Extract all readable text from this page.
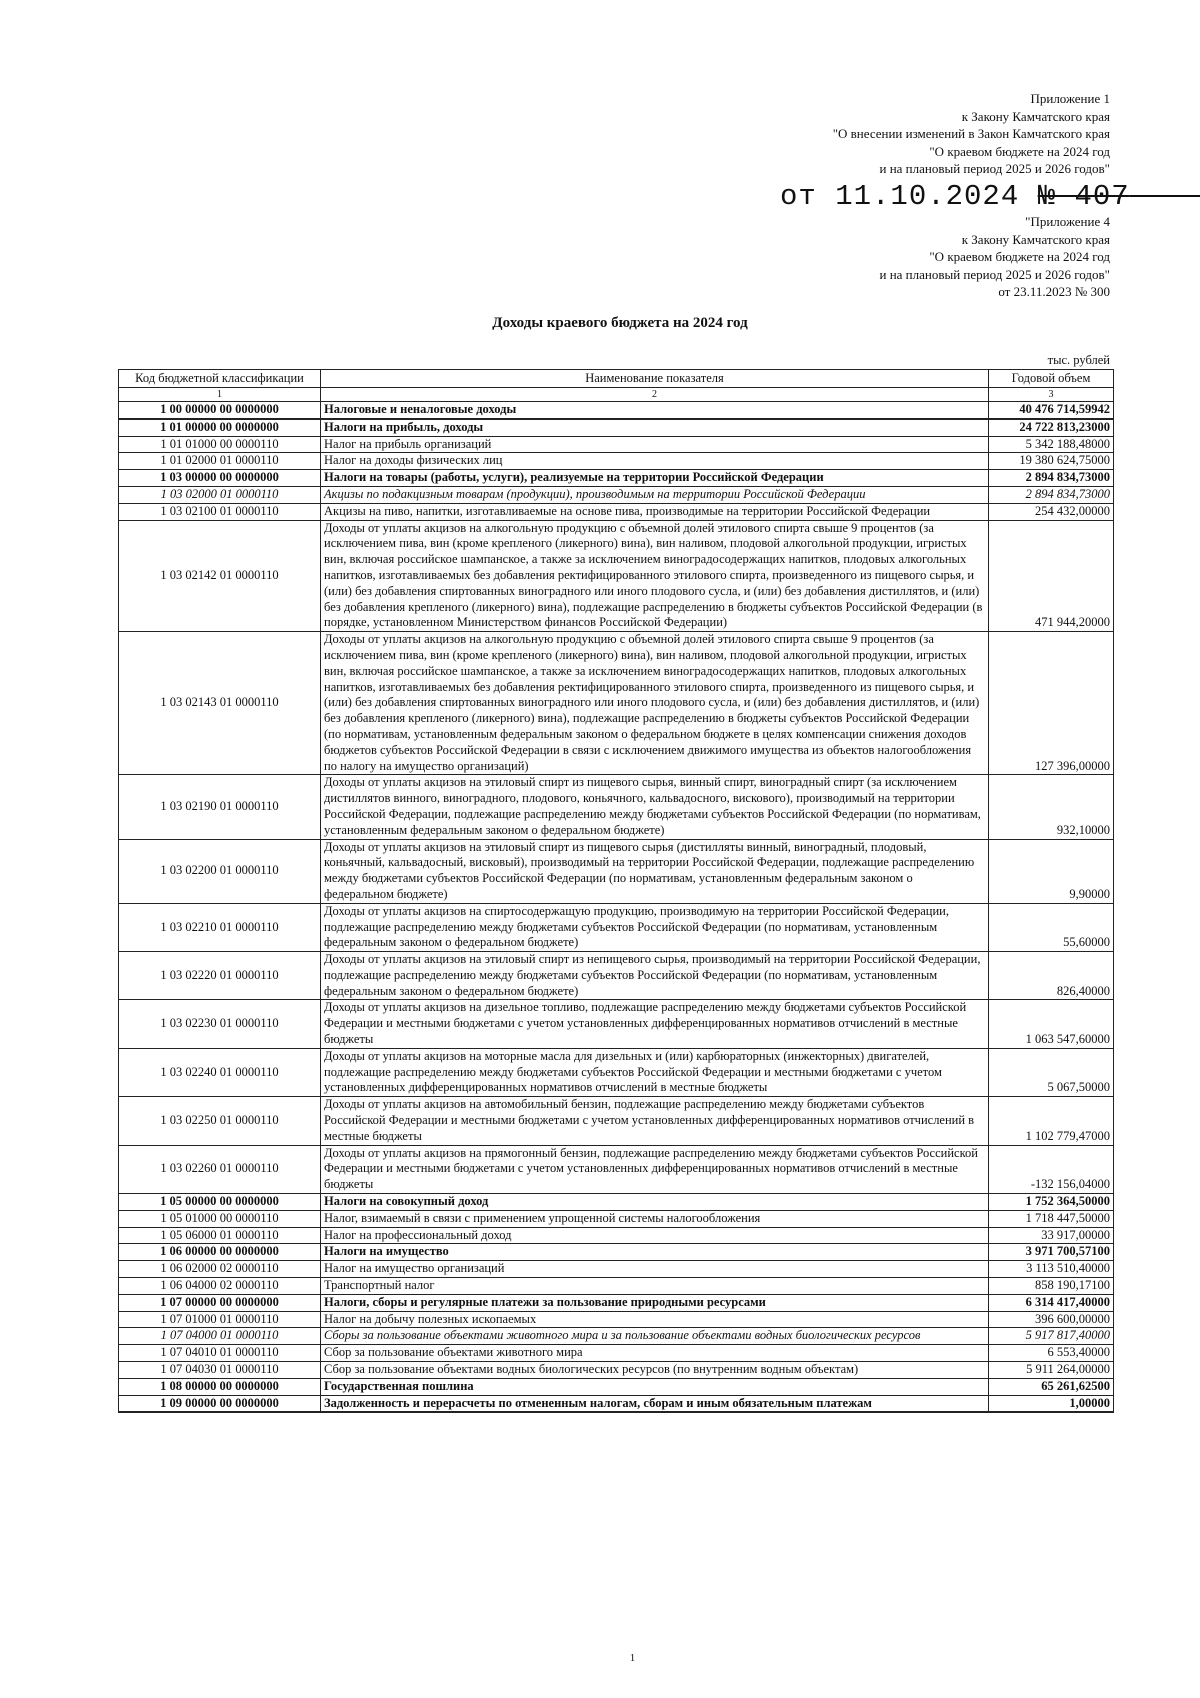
Приложение 1
к Закону Камчатского края
"О внесении изменений в Закон Камчатского края
"О краевом бюджете на 2024 год
и на плановый период 2025 и 2026 годов"
от 11.10.2024 № 407
"Приложение 4
к Закону Камчатского края
"О краевом бюджете на 2024 год
и на плановый период 2025 и 2026 годов"
от 23.11.2023 № 300
Доходы краевого бюджета на 2024 год
тыс. рублей
Код бюджетной классификации	Наименование показателя	Годовой объем
1	2	3
1 00 00000 00 0000000	Налоговые и неналоговые доходы	40 476 714,59942
1 01 00000 00 0000000	Налоги на прибыль, доходы	24 722 813,23000
1 01 01000 00 0000110	Налог на прибыль организаций	5 342 188,48000
1 01 02000 01 0000110	Налог на доходы физических лиц	19 380 624,75000
1 03 00000 00 0000000	Налоги на товары (работы, услуги), реализуемые на территории Российской Федерации	2 894 834,73000
1 03 02000 01 0000110	Акцизы по подакцизным товарам (продукции), производимым на территории Российской Федерации	2 894 834,73000
1 03 02100 01 0000110	Акцизы на пиво, напитки, изготавливаемые на основе пива, производимые на территории Российской Федерации	254 432,00000
1 03 02142 01 0000110	Доходы от уплаты акцизов на алкогольную продукцию с объемной долей этилового спирта свыше 9 процентов (за исключением пива, вин (кроме крепленого (ликерного) вина), вин наливом, плодовой алкогольной продукции, игристых вин, включая российское шампанское, а также за исключением виноградосодержащих напитков, плодовых алкогольных напитков, изготавливаемых без добавления ректифицированного этилового спирта, произведенного из пищевого сырья, и (или) без добавления спиртованных виноградного или иного плодового сусла, и (или) без добавления дистиллятов, и (или) без добавления крепленого (ликерного) вина), подлежащие распределению в бюджеты субъектов Российской Федерации (в порядке, установленном Министерством финансов Российской Федерации)	471 944,20000
1 03 02143 01 0000110	Доходы от уплаты акцизов на алкогольную продукцию с объемной долей этилового спирта свыше 9 процентов (за исключением пива, вин (кроме крепленого (ликерного) вина), вин наливом, плодовой алкогольной продукции, игристых вин, включая российское шампанское, а также за исключением виноградосодержащих напитков, плодовых алкогольных напитков, изготавливаемых без добавления ректифицированного этилового спирта, произведенного из пищевого сырья, и (или) без добавления спиртованных виноградного или иного плодового сусла, и (или) без добавления дистиллятов, и (или) без добавления крепленого (ликерного) вина), подлежащие распределению в бюджеты субъектов Российской Федерации (по нормативам, установленным федеральным законом о федеральном бюджете в целях компенсации снижения доходов бюджетов субъектов Российской Федерации в связи с исключением движимого имущества из объектов налогообложения по налогу на имущество организаций)	127 396,00000
1 03 02190 01 0000110	Доходы от уплаты акцизов на этиловый спирт из пищевого сырья, винный спирт, виноградный спирт (за исключением дистиллятов винного, виноградного, плодового, коньячного, кальвадосного, вискового), производимый на территории Российской Федерации, подлежащие распределению между бюджетами субъектов Российской Федерации (по нормативам, установленным федеральным законом о федеральном бюджете)	932,10000
1 03 02200 01 0000110	Доходы от уплаты акцизов на этиловый спирт из пищевого сырья (дистилляты винный, виноградный, плодовый, коньячный, кальвадосный, висковый), производимый на территории Российской Федерации, подлежащие распределению между бюджетами субъектов Российской Федерации (по нормативам, установленным федеральным законом о федеральном бюджете)	9,90000
1 03 02210 01 0000110	Доходы от уплаты акцизов на спиртосодержащую продукцию, производимую на территории Российской Федерации, подлежащие распределению между бюджетами субъектов Российской Федерации (по нормативам, установленным федеральным законом о федеральном бюджете)	55,60000
1 03 02220 01 0000110	Доходы от уплаты акцизов на этиловый спирт из непищевого сырья, производимый на территории Российской Федерации, подлежащие распределению между бюджетами субъектов Российской Федерации (по нормативам, установленным федеральным законом о федеральном бюджете)	826,40000
1 03 02230 01 0000110	Доходы от уплаты акцизов на дизельное топливо, подлежащие распределению между бюджетами субъектов Российской Федерации и местными бюджетами с учетом установленных дифференцированных нормативов отчислений в местные бюджеты	1 063 547,60000
1 03 02240 01 0000110	Доходы от уплаты акцизов на моторные масла для дизельных и (или) карбюраторных (инжекторных) двигателей, подлежащие распределению между бюджетами субъектов Российской Федерации и местными бюджетами с учетом установленных дифференцированных нормативов отчислений в местные бюджеты	5 067,50000
1 03 02250 01 0000110	Доходы от уплаты акцизов на автомобильный бензин, подлежащие распределению между бюджетами субъектов Российской Федерации и местными бюджетами с учетом установленных дифференцированных нормативов отчислений в местные бюджеты	1 102 779,47000
1 03 02260 01 0000110	Доходы от уплаты акцизов на прямогонный бензин, подлежащие распределению между бюджетами субъектов Российской Федерации и местными бюджетами с учетом установленных дифференцированных нормативов отчислений в местные бюджеты	-132 156,04000
1 05 00000 00 0000000	Налоги на совокупный доход	1 752 364,50000
1 05 01000 00 0000110	Налог, взимаемый в связи с применением упрощенной системы налогообложения	1 718 447,50000
1 05 06000 01 0000110	Налог на профессиональный доход	33 917,00000
1 06 00000 00 0000000	Налоги на имущество	3 971 700,57100
1 06 02000 02 0000110	Налог на имущество организаций	3 113 510,40000
1 06 04000 02 0000110	Транспортный налог	858 190,17100
1 07 00000 00 0000000	Налоги, сборы и регулярные платежи за пользование природными ресурсами	6 314 417,40000
1 07 01000 01 0000110	Налог на добычу полезных ископаемых	396 600,00000
1 07 04000 01 0000110	Сборы за пользование объектами животного мира и за пользование объектами водных биологических ресурсов	5 917 817,40000
1 07 04010 01 0000110	Сбор за пользование объектами животного мира	6 553,40000
1 07 04030 01 0000110	Сбор за пользование объектами водных биологических ресурсов (по внутренним водным объектам)	5 911 264,00000
1 08 00000 00 0000000	Государственная пошлина	65 261,62500
1 09 00000 00 0000000	Задолженность и перерасчеты по отмененным налогам, сборам и иным обязательным платежам	1,00000
1
